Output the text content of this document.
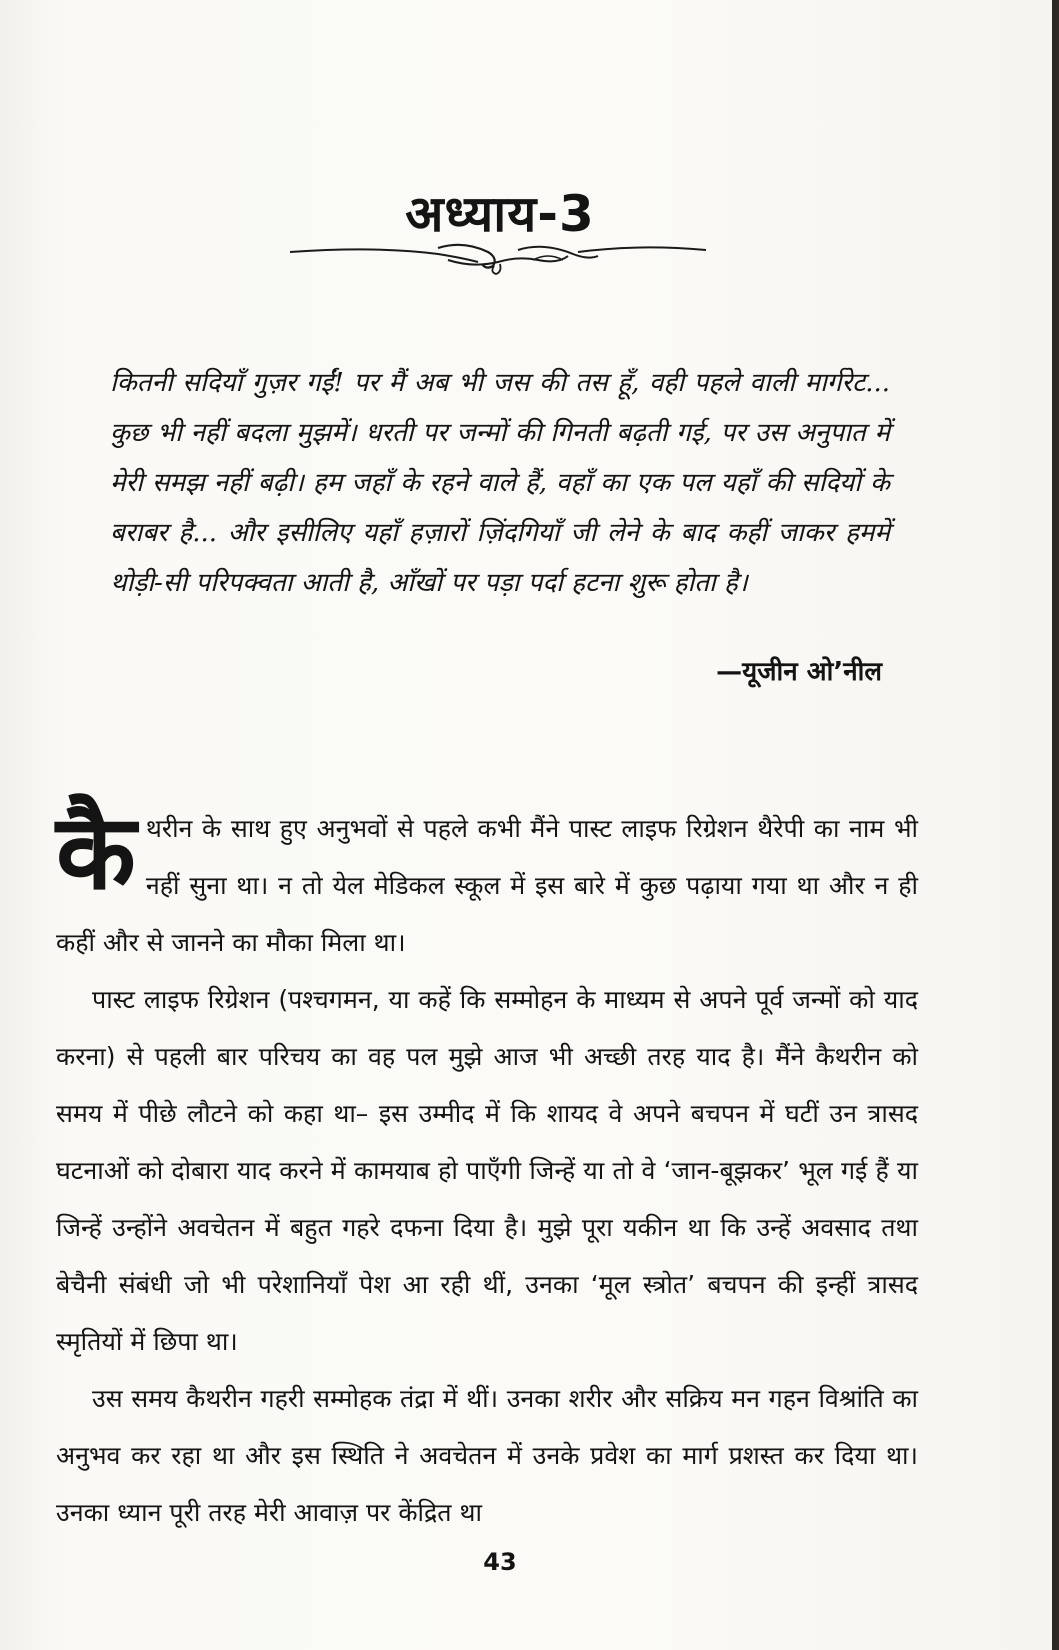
अध्याय-3
कितनी सदियाँ गुज़र गईं! पर मैं अब भी जस की तस हूँ, वही पहले वाली मार्गरेट... कुछ भी नहीं बदला मुझमें। धरती पर जन्मों की गिनती बढ़ती गई, पर उस अनुपात में मेरी समझ नहीं बढ़ी। हम जहाँ के रहने वाले हैं, वहाँ का एक पल यहाँ की सदियों के बराबर है... और इसीलिए यहाँ हज़ारों ज़िंदगियाँ जी लेने के बाद कहीं जाकर हममें थोड़ी-सी परिपक्वता आती है, आँखों पर पड़ा पर्दा हटना शुरू होता है।
—यूजीन ओ’नील

कैथरीन के साथ हुए अनुभवों से पहले कभी मैंने पास्ट लाइफ रिग्रेशन थैरेपी का नाम भी नहीं सुना था। न तो येल मेडिकल स्कूल में इस बारे में कुछ पढ़ाया गया था और न ही कहीं और से जानने का मौका मिला था।

पास्ट लाइफ रिग्रेशन (पश्चगमन, या कहें कि सम्मोहन के माध्यम से अपने पूर्व जन्मों को याद करना) से पहली बार परिचय का वह पल मुझे आज भी अच्छी तरह याद है। मैंने कैथरीन को समय में पीछे लौटने को कहा था– इस उम्मीद में कि शायद वे अपने बचपन में घटीं उन त्रासद घटनाओं को दोबारा याद करने में कामयाब हो पाएँगी जिन्हें या तो वे ‘जान-बूझकर’ भूल गई हैं या जिन्हें उन्होंने अवचेतन में बहुत गहरे दफना दिया है। मुझे पूरा यकीन था कि उन्हें अवसाद तथा बेचैनी संबंधी जो भी परेशानियाँ पेश आ रही थीं, उनका ‘मूल स्त्रोत’ बचपन की इन्हीं त्रासद स्मृतियों में छिपा था।

उस समय कैथरीन गहरी सम्मोहक तंद्रा में थीं। उनका शरीर और सक्रिय मन गहन विश्रांति का अनुभव कर रहा था और इस स्थिति ने अवचेतन में उनके प्रवेश का मार्ग प्रशस्त कर दिया था। उनका ध्यान पूरी तरह मेरी आवाज़ पर केंद्रित था

43
